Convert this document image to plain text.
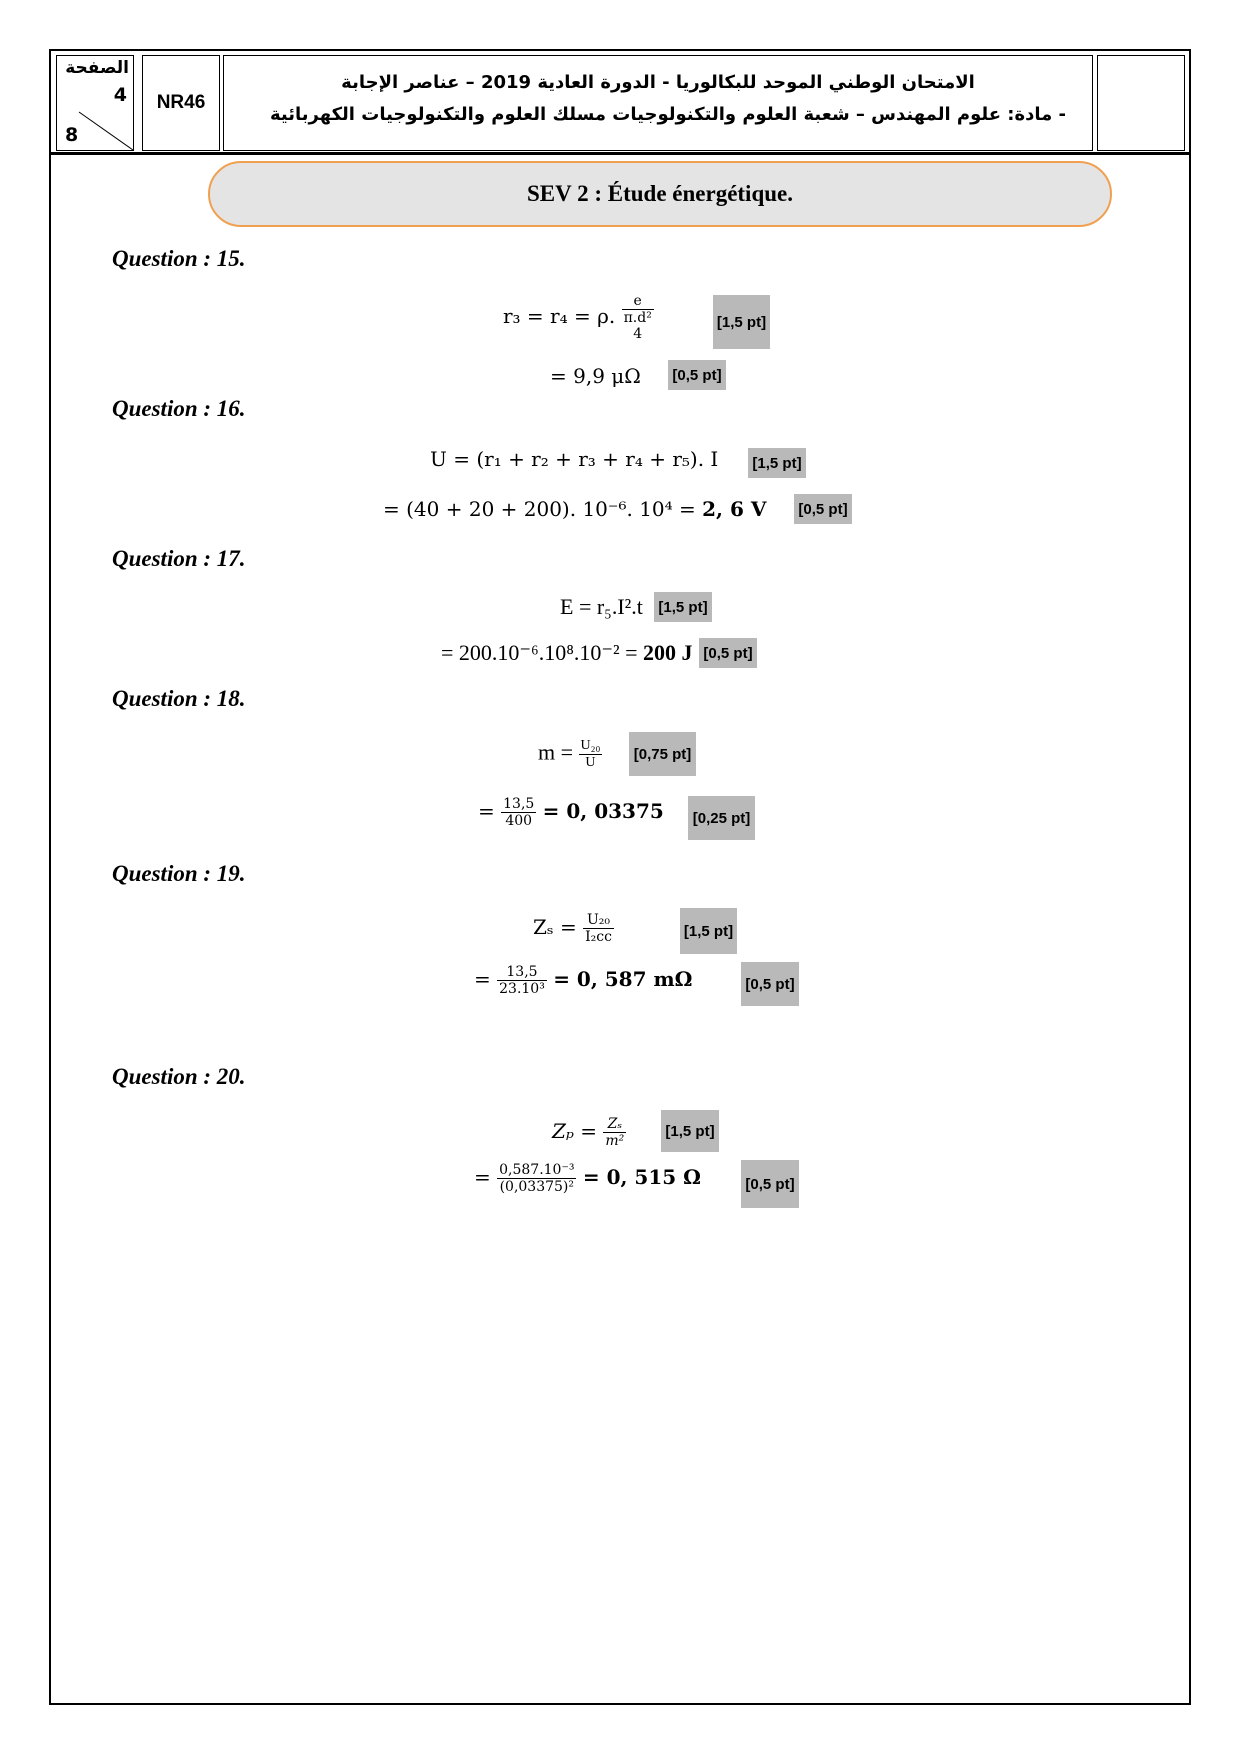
الصفحة
4
8
NR46
الامتحان الوطني الموحد للبكالوريا - الدورة العادية 2019 – عناصر الإجابة
- مادة: علوم المهندس – شعبة العلوم والتكنولوجيات مسلك العلوم والتكنولوجيات الكهربائية
SEV 2 : Étude énergétique.
Question : 15.
r₃ = r₄ = ρ.
e
π.d²
4
[1,5 pt]
= 9,9 μΩ [0,5 pt]
Question : 16.
U = (r₁ + r₂ + r₃ + r₄ + r₅). I [1,5 pt]
= (40 + 20 + 200). 10⁻⁶. 10⁴ = 2, 6 V [0,5 pt]
Question : 17.
E = r₅.I².t [1,5 pt]
= 200.10⁻⁶.10⁸.10⁻² = 200 J [0,5 pt]
Question : 18.
$m = \frac{\text{U₂₀}}{U}$	[0,75 pt]
= $\frac{13,5}{400} = 0$, 03375	[0,25 pt]
Question : 19.
$Z_s = \frac{\text{U₂₀}}{\text{I₂cc}}$	[1,5 pt]
= $\frac{13,5}{\text{23.10³}} = 0$, 587 mΩ	[0,5 pt]
Question : 20.
$Z_p = \frac{\text{Zₛ}}{\text{m²}}$	[1,5 pt]
= $\frac{\text{0,587.10⁻³}}{\text{(0,03375)²}} = 0$, 515 Ω	[0,5 pt]
